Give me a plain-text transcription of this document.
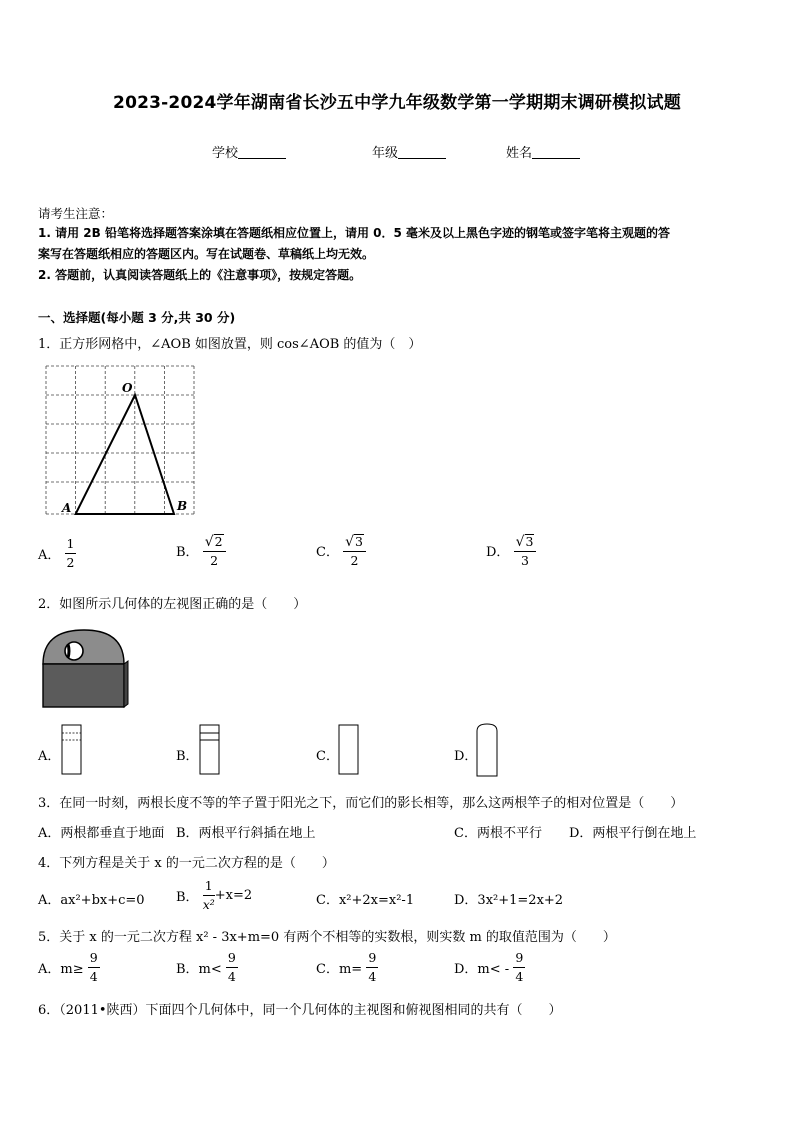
2023-2024学年湖南省长沙五中学九年级数学第一学期期末调研模拟试题
学校	年级	姓名
请考生注意：
1. 请用 2B 铅笔将选择题答案涂填在答题纸相应位置上，请用 0．5 毫米及以上黑色字迹的钢笔或签字笔将主观题的答
案写在答题纸相应的答题区内。写在试题卷、草稿纸上均无效。
2. 答题前，认真阅读答题纸上的《注意事项》，按规定答题。
一、选择题(每小题 3 分,共 30 分)
1．正方形网格中，∠AOB 如图放置，则 cos∠AOB 的值为（　）
O
A	B
A． $\frac{1}{2}$	B． $\frac{√ 2}{2}$	C． $\frac{√ 3}{2}$	D． $\frac{√ 3}{3}$
2．如图所示几何体的左视图正确的是（　　）
A．	B．	C．	D．
3．在同一时刻，两根长度不等的竿子置于阳光之下，而它们的影长相等，那么这两根竿子的相对位置是（　　）
A．两根都垂直于地面 B．两根平行斜插在地上	C．两根不平行 D．两根平行倒在地上
4．下列方程是关于 x 的一元二次方程的是（　　）
A．ax²+bx+c=0 B． $\frac{1}{\text{x²}} +x=2$	C．x²+2x=x²-1	D．3x²+1=2x+2
5．关于 x 的一元二次方程 x² - 3x+m=0 有两个不相等的实数根，则实数 m 的取值范围为（　　）
A．$m\ge \frac{9}{4}$	B．$m< \frac{9}{4}$	C．$m= \frac{9}{4}$	D．$m< - \frac{9}{4}$
6．（2011•陕西）下面四个几何体中，同一个几何体的主视图和俯视图相同的共有（　　）
